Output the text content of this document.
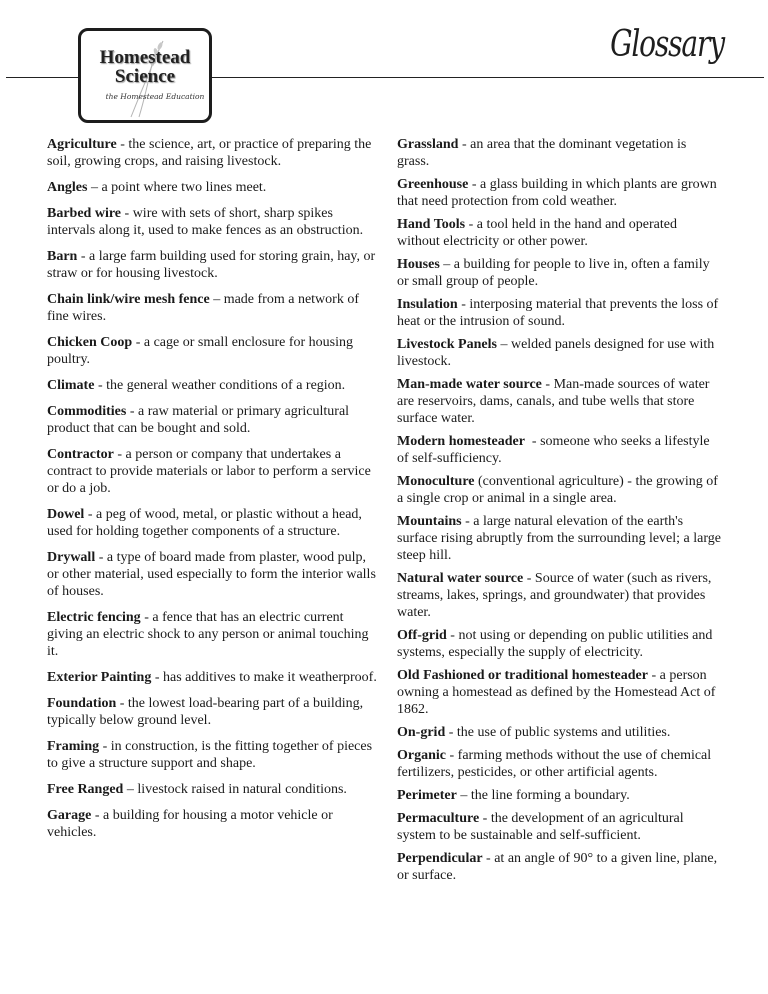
Homestead
Science
the Homestead Education
Glossary

Agriculture - the science, art, or practice of preparing the soil, growing crops, and raising livestock.

Angles – a point where two lines meet.

Barbed wire - wire with sets of short, sharp spikes intervals along it, used to make fences as an obstruction.

Barn - a large farm building used for storing grain, hay, or straw or for housing livestock.

Chain link/wire mesh fence – made from a network of fine wires.

Chicken Coop - a cage or small enclosure for housing poultry.

Climate - the general weather conditions of a region.

Commodities - a raw material or primary agricultural product that can be bought and sold.

Contractor - a person or company that undertakes a contract to provide materials or labor to perform a service or do a job.

Dowel - a peg of wood, metal, or plastic without a head, used for holding together components of a structure.

Drywall - a type of board made from plaster, wood pulp, or other material, used especially to form the interior walls of houses.

Electric fencing - a fence that has an electric current giving an electric shock to any person or animal touching it.

Exterior Painting - has additives to make it weatherproof.

Foundation - the lowest load-bearing part of a building, typically below ground level.

Framing - in construction, is the fitting together of pieces to give a structure support and shape.

Free Ranged – livestock raised in natural conditions.

Garage - a building for housing a motor vehicle or vehicles.

Grassland - an area that the dominant vegetation is grass.

Greenhouse - a glass building in which plants are grown that need protection from cold weather.

Hand Tools - a tool held in the hand and operated without electricity or other power.

Houses – a building for people to live in, often a family or small group of people.

Insulation - interposing material that prevents the loss of heat or the intrusion of sound.

Livestock Panels – welded panels designed for use with livestock.

Man-made water source - Man-made sources of water are reservoirs, dams, canals, and tube wells that store surface water.

Modern homesteader  - someone who seeks a lifestyle of self-sufficiency.

Monoculture (conventional agriculture) - the growing of a single crop or animal in a single area.

Mountains - a large natural elevation of the earth's surface rising abruptly from the surrounding level; a large steep hill.

Natural water source - Source of water (such as rivers, streams, lakes, springs, and groundwater) that provides water.

Off-grid - not using or depending on public utilities and systems, especially the supply of electricity.

Old Fashioned or traditional homesteader - a person owning a homestead as defined by the Homestead Act of 1862.

On-grid - the use of public systems and utilities.

Organic - farming methods without the use of chemical fertilizers, pesticides, or other artificial agents.

Perimeter – the line forming a boundary.

Permaculture - the development of an agricultural system to be sustainable and self-sufficient.

Perpendicular - at an angle of 90° to a given line, plane, or surface.
